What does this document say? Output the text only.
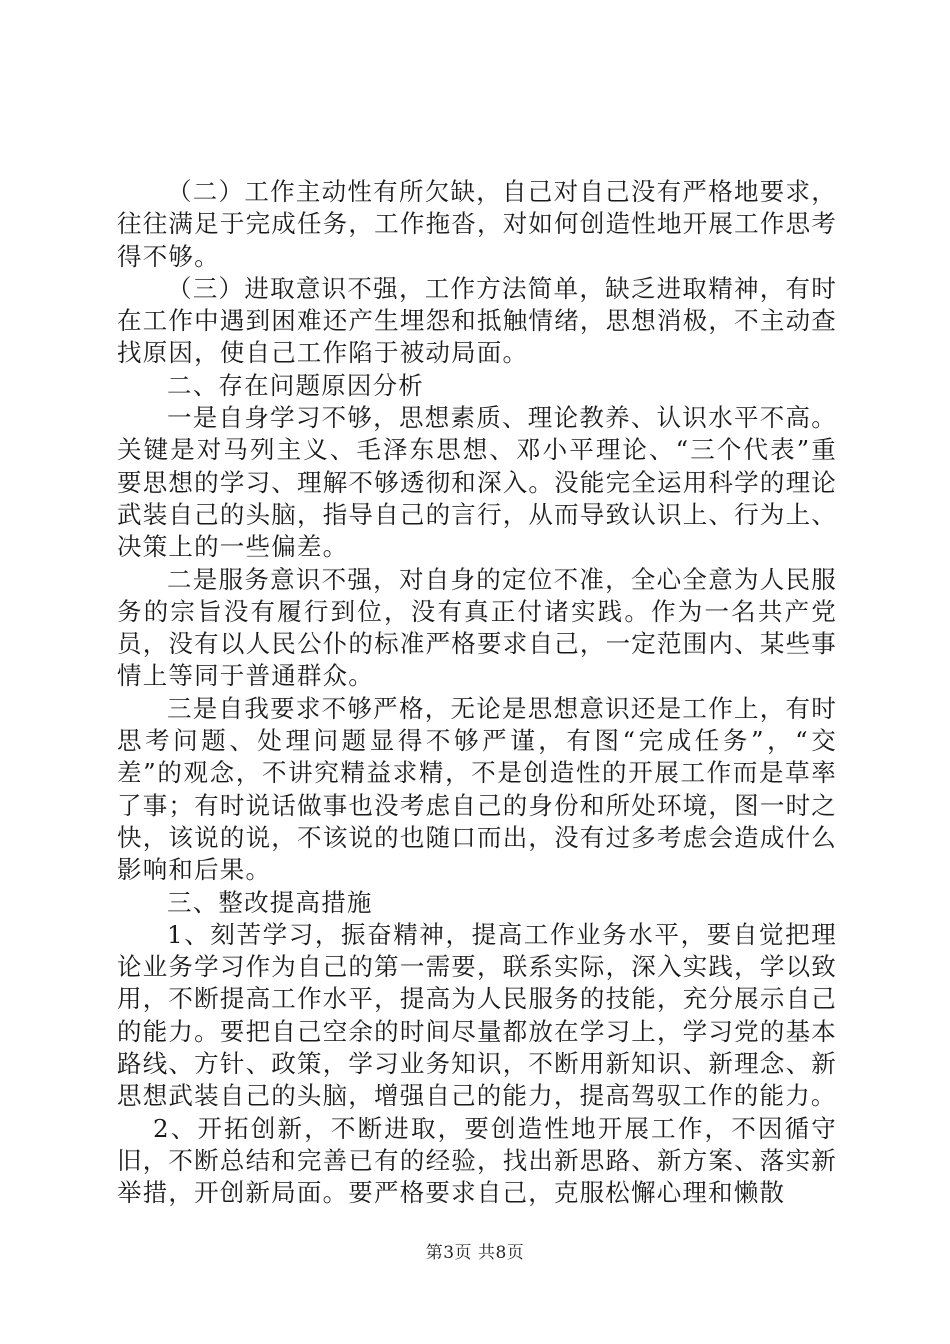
（二）工作主动性有所欠缺，自己对自己没有严格地要求，往往满足于完成任务，工作拖沓，对如何创造性地开展工作思考得不够。

（三）进取意识不强，工作方法简单，缺乏进取精神，有时在工作中遇到困难还产生埋怨和抵触情绪，思想消极，不主动查找原因，使自己工作陷于被动局面。

二、存在问题原因分析

一是自身学习不够，思想素质、理论教养、认识水平不高。关键是对马列主义、毛泽东思想、邓小平理论、“三个代表”重要思想的学习、理解不够透彻和深入。没能完全运用科学的理论武装自己的头脑，指导自己的言行，从而导致认识上、行为上、决策上的一些偏差。

二是服务意识不强，对自身的定位不准，全心全意为人民服务的宗旨没有履行到位，没有真正付诸实践。作为一名共产党员，没有以人民公仆的标准严格要求自己，一定范围内、某些事情上等同于普通群众。

三是自我要求不够严格，无论是思想意识还是工作上，有时思考问题、处理问题显得不够严谨，有图“完成任务”，“交差”的观念，不讲究精益求精，不是创造性的开展工作而是草率了事；有时说话做事也没考虑自己的身份和所处环境，图一时之快，该说的说，不该说的也随口而出，没有过多考虑会造成什么影响和后果。

三、整改提高措施

1、刻苦学习，振奋精神，提高工作业务水平，要自觉把理论业务学习作为自己的第一需要，联系实际，深入实践，学以致用，不断提高工作水平，提高为人民服务的技能，充分展示自己的能力。要把自己空余的时间尽量都放在学习上，学习党的基本路线、方针、政策，学习业务知识，不断用新知识、新理念、新思想武装自己的头脑，增强自己的能力，提高驾驭工作的能力。

2、开拓创新，不断进取，要创造性地开展工作，不因循守旧，不断总结和完善已有的经验，找出新思路、新方案、落实新举措，开创新局面。要严格要求自己，克服松懈心理和懒散

第3页 共8页
